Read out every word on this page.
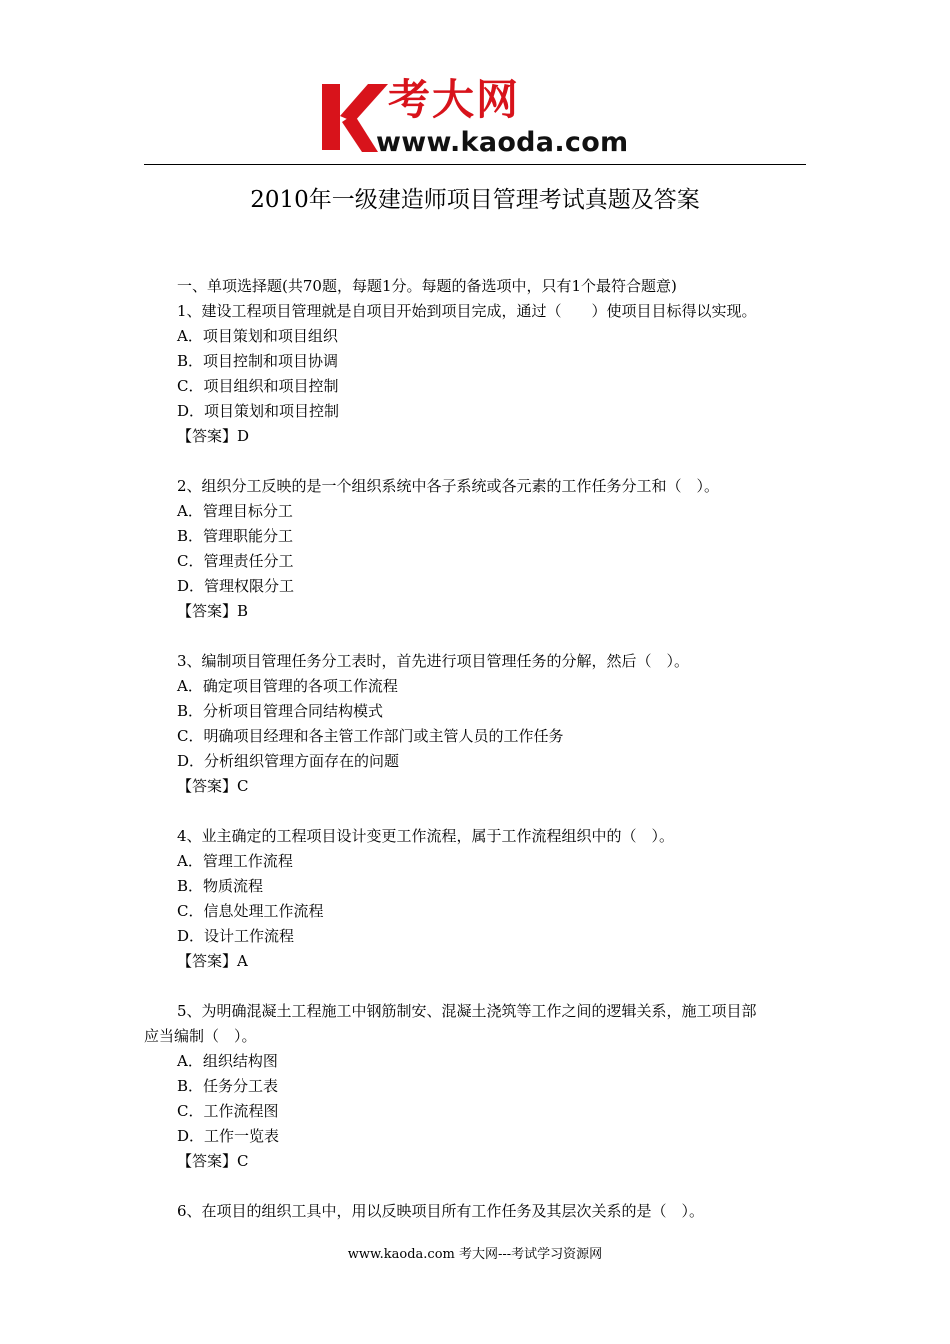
考大网
www.kaoda.com
2010年一级建造师项目管理考试真题及答案
一、单项选择题(共70题，每题1分。每题的备选项中，只有1个最符合题意)
1、建设工程项目管理就是自项目开始到项目完成，通过（　　）使项目目标得以实现。
A．项目策划和项目组织
B．项目控制和项目协调
C．项目组织和项目控制
D．项目策划和项目控制
【答案】D
2、组织分工反映的是一个组织系统中各子系统或各元素的工作任务分工和（　）。
A．管理目标分工
B．管理职能分工
C．管理责任分工
D．管理权限分工
【答案】B
3、编制项目管理任务分工表时，首先进行项目管理任务的分解，然后（　）。
A．确定项目管理的各项工作流程
B．分析项目管理合同结构模式
C．明确项目经理和各主管工作部门或主管人员的工作任务
D．分析组织管理方面存在的问题
【答案】C
4、业主确定的工程项目设计变更工作流程，属于工作流程组织中的（　）。
A．管理工作流程
B．物质流程
C．信息处理工作流程
D．设计工作流程
【答案】A
5、为明确混凝土工程施工中钢筋制安、混凝土浇筑等工作之间的逻辑关系，施工项目部
应当编制（　）。
A．组织结构图
B．任务分工表
C．工作流程图
D．工作一览表
【答案】C
6、在项目的组织工具中，用以反映项目所有工作任务及其层次关系的是（　）。
www.kaoda.com 考大网---考试学习资源网
